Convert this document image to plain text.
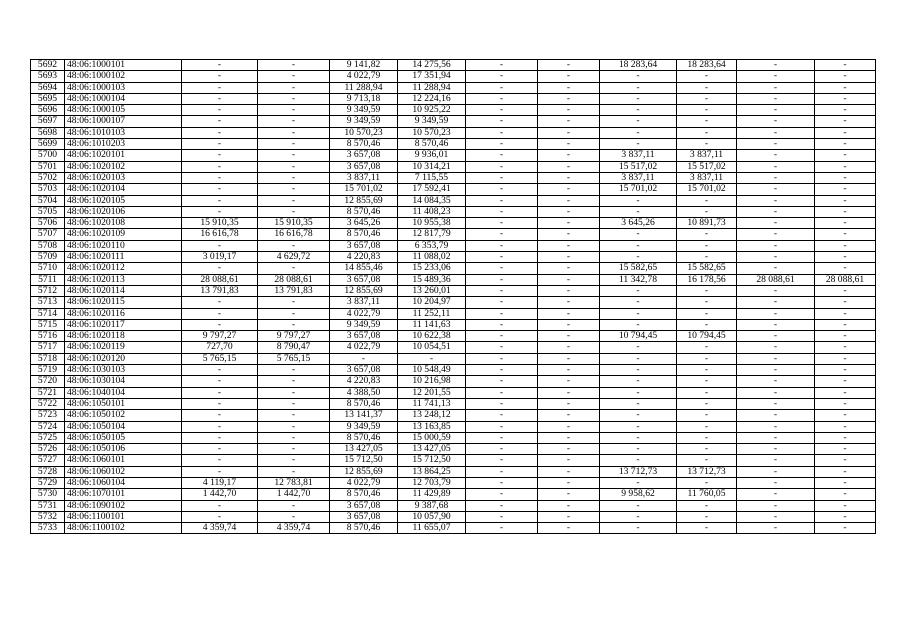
5692	48:06:1000101	-	-	9 141,82	14 275,56	-	-	18 283,64	18 283,64	-	-
5693	48:06:1000102	-	-	4 022,79	17 351,94	-	-	-	-	-	-
5694	48:06:1000103	-	-	11 288,94	11 288,94	-	-	-	-	-	-
5695	48:06:1000104	-	-	9 713,18	12 224,16	-	-	-	-	-	-
5696	48:06:1000105	-	-	9 349,59	10 925,22	-	-	-	-	-	-
5697	48:06:1000107	-	-	9 349,59	9 349,59	-	-	-	-	-	-
5698	48:06:1010103	-	-	10 570,23	10 570,23	-	-	-	-	-	-
5699	48:06:1010203	-	-	8 570,46	8 570,46	-	-	-	-	-	-
5700	48:06:1020101	-	-	3 657,08	9 936,01	-	-	3 837,11	3 837,11	-	-
5701	48:06:1020102	-	-	3 657,08	10 314,21	-	-	15 517,02	15 517,02	-	-
5702	48:06:1020103	-	-	3 837,11	7 115,55	-	-	3 837,11	3 837,11	-	-
5703	48:06:1020104	-	-	15 701,02	17 592,41	-	-	15 701,02	15 701,02	-	-
5704	48:06:1020105	-	-	12 855,69	14 084,35	-	-	-	-	-	-
5705	48:06:1020106	-	-	8 570,46	11 408,23	-	-	-	-	-	-
5706	48:06:1020108	15 910,35	15 910,35	3 645,26	10 955,38	-	-	3 645,26	10 891,73	-	-
5707	48:06:1020109	16 616,78	16 616,78	8 570,46	12 817,79	-	-	-	-	-	-
5708	48:06:1020110	-	-	3 657,08	6 353,79	-	-	-	-	-	-
5709	48:06:1020111	3 019,17	4 629,72	4 220,83	11 088,02	-	-	-	-	-	-
5710	48:06:1020112	-	-	14 855,46	15 233,06	-	-	15 582,65	15 582,65	-	-
5711	48:06:1020113	28 088,61	28 088,61	3 657,08	15 489,36	-	-	11 342,78	16 178,56	28 088,61	28 088,61
5712	48:06:1020114	13 791,83	13 791,83	12 855,69	13 260,01	-	-	-	-	-	-
5713	48:06:1020115	-	-	3 837,11	10 204,97	-	-	-	-	-	-
5714	48:06:1020116	-	-	4 022,79	11 252,11	-	-	-	-	-	-
5715	48:06:1020117	-	-	9 349,59	11 141,63	-	-	-	-	-	-
5716	48:06:1020118	9 797,27	9 797,27	3 657,08	10 622,38	-	-	10 794,45	10 794,45	-	-
5717	48:06:1020119	727,70	8 790,47	4 022,79	10 054,51	-	-	-	-	-	-
5718	48:06:1020120	5 765,15	5 765,15	-	-	-	-	-	-	-	-
5719	48:06:1030103	-	-	3 657,08	10 548,49	-	-	-	-	-	-
5720	48:06:1030104	-	-	4 220,83	10 216,98	-	-	-	-	-	-
5721	48:06:1040104	-	-	4 388,50	12 201,55	-	-	-	-	-	-
5722	48:06:1050101	-	-	8 570,46	11 741,13	-	-	-	-	-	-
5723	48:06:1050102	-	-	13 141,37	13 248,12	-	-	-	-	-	-
5724	48:06:1050104	-	-	9 349,59	13 163,85	-	-	-	-	-	-
5725	48:06:1050105	-	-	8 570,46	15 000,59	-	-	-	-	-	-
5726	48:06:1050106	-	-	13 427,05	13 427,05	-	-	-	-	-	-
5727	48:06:1060101	-	-	15 712,50	15 712,50	-	-	-	-	-	-
5728	48:06:1060102	-	-	12 855,69	13 864,25	-	-	13 712,73	13 712,73	-	-
5729	48:06:1060104	4 119,17	12 783,81	4 022,79	12 703,79	-	-	-	-	-	-
5730	48:06:1070101	1 442,70	1 442,70	8 570,46	11 429,89	-	-	9 958,62	11 760,05	-	-
5731	48:06:1090102	-	-	3 657,08	9 387,68	-	-	-	-	-	-
5732	48:06:1100101	-	-	3 657,08	10 057,90	-	-	-	-	-	-
5733	48:06:1100102	4 359,74	4 359,74	8 570,46	11 655,07	-	-	-	-	-	-
